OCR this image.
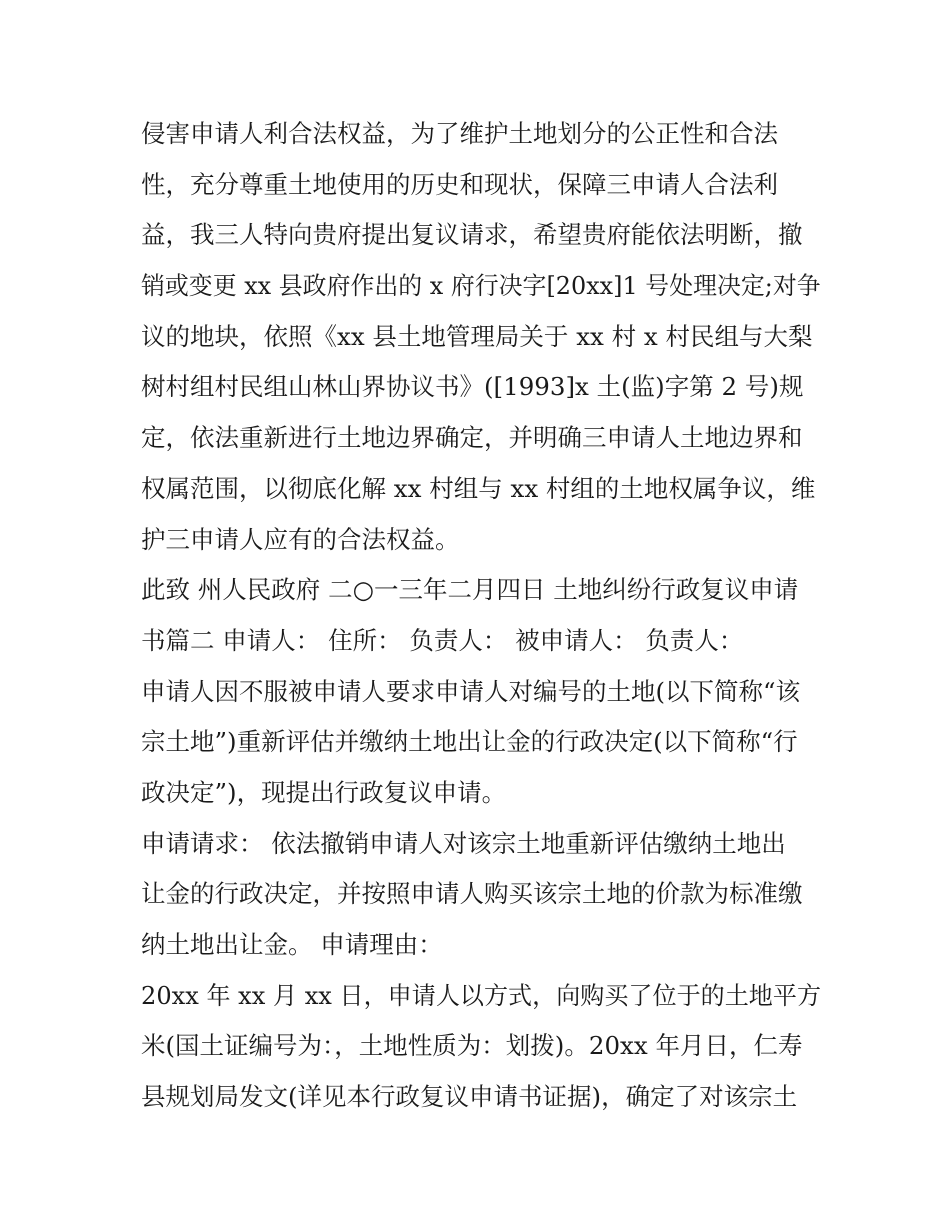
侵害申请人利合法权益，为了维护土地划分的公正性和合法
性，充分尊重土地使用的历史和现状，保障三申请人合法利
益，我三人特向贵府提出复议请求，希望贵府能依法明断，撤
销或变更 xx 县政府作出的 x 府行决字[20xx]1 号处理决定;对争
议的地块，依照《xx 县土地管理局关于 xx 村 x 村民组与大梨
树村组村民组山林山界协议书》([1993]x 土(监)字第 2 号)规
定，依法重新进行土地边界确定，并明确三申请人土地边界和
权属范围，以彻底化解 xx 村组与 xx 村组的土地权属争议，维
护三申请人应有的合法权益。
此致 州人民政府 二○一三年二月四日 土地纠纷行政复议申请
书篇二 申请人： 住所： 负责人： 被申请人： 负责人：
申请人因不服被申请人要求申请人对编号的土地(以下简称“该
宗土地”)重新评估并缴纳土地出让金的行政决定(以下简称“行
政决定”)，现提出行政复议申请。
申请请求： 依法撤销申请人对该宗土地重新评估缴纳土地出
让金的行政决定，并按照申请人购买该宗土地的价款为标准缴
纳土地出让金。 申请理由：
20xx 年 xx 月 xx 日，申请人以方式，向购买了位于的土地平方
米(国土证编号为：，土地性质为：划拨)。20xx 年月日，仁寿
县规划局发文(详见本行政复议申请书证据)，确定了对该宗土
